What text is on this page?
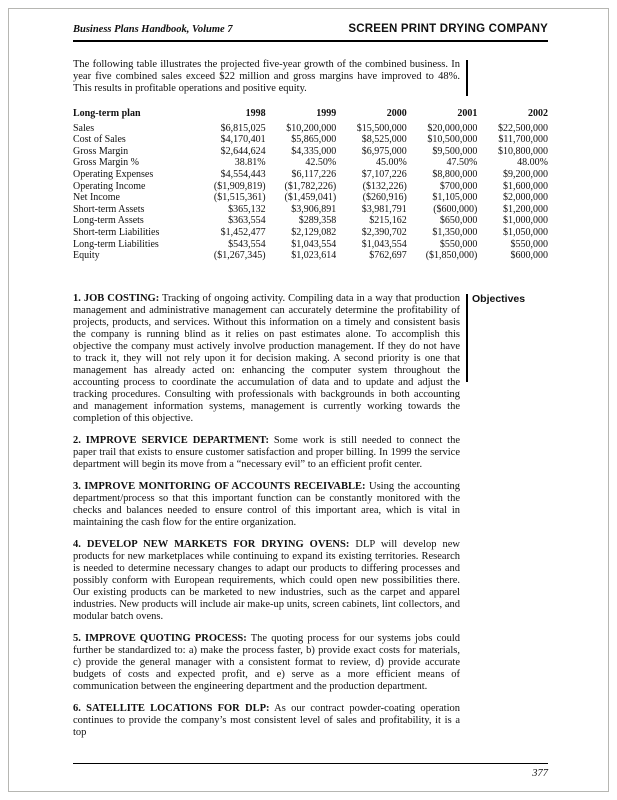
Business Plans Handbook, Volume 7	SCREEN PRINT DRYING COMPANY

The following table illustrates the projected five-year growth of the combined business. In year five combined sales exceed $22 million and gross margins have improved to 48%. This results in profitable operations and positive equity.

Long-term plan	1998	1999	2000	2001	2002
Sales	$6,815,025	$10,200,000	$15,500,000	$20,000,000	$22,500,000
Cost of Sales	$4,170,401	$5,865,000	$8,525,000	$10,500,000	$11,700,000
Gross Margin	$2,644,624	$4,335,000	$6,975,000	$9,500,000	$10,800,000
Gross Margin %	38.81%	42.50%	45.00%	47.50%	48.00%
Operating Expenses	$4,554,443	$6,117,226	$7,107,226	$8,800,000	$9,200,000
Operating Income	($1,909,819)	($1,782,226)	($132,226)	$700,000	$1,600,000
Net Income	($1,515,361)	($1,459,041)	($260,916)	$1,105,000	$2,000,000
Short-term Assets	$365,132	$3,906,891	$3,981,791	($600,000)	$1,200,000
Long-term Assets	$363,554	$289,358	$215,162	$650,000	$1,000,000
Short-term Liabilities	$1,452,477	$2,129,082	$2,390,702	$1,350,000	$1,050,000
Long-term Liabilities	$543,554	$1,043,554	$1,043,554	$550,000	$550,000
Equity	($1,267,345)	$1,023,614	$762,697	($1,850,000)	$600,000
Objectives

1. JOB COSTING: Tracking of ongoing activity. Compiling data in a way that production management and administrative management can accurately determine the profitability of projects, products, and services. Without this information on a timely and consistent basis the company is running blind as it relies on past estimates alone. To accomplish this objective the company must actively involve production management. If they do not have to track it, they will not rely upon it for decision making. A second priority is one that management has already acted on: enhancing the computer system throughout the accounting process to coordinate the accumulation of data and to update and adjust the tracking procedures. Consulting with professionals with backgrounds in both accounting and management information systems, management is currently working towards the completion of this objective.

2. IMPROVE SERVICE DEPARTMENT: Some work is still needed to connect the paper trail that exists to ensure customer satisfaction and proper billing. In 1999 the service department will begin its move from a “necessary evil” to an efficient profit center.

3. IMPROVE MONITORING OF ACCOUNTS RECEIVABLE: Using the accounting department/process so that this important function can be constantly monitored with the checks and balances needed to ensure control of this important area, which is vital in maintaining the cash flow for the entire organization.

4. DEVELOP NEW MARKETS FOR DRYING OVENS: DLP will develop new products for new marketplaces while continuing to expand its existing territories. Research is needed to determine necessary changes to adapt our products to differing processes and possibly conform with European requirements, which could open new possibilities there. Our existing products can be marketed to new industries, such as the carpet and apparel industries. New products will include air make-up units, screen cabinets, lint collectors, and modular batch ovens.

5. IMPROVE QUOTING PROCESS: The quoting process for our systems jobs could further be standardized to: a) make the process faster, b) provide exact costs for materials, c) provide the general manager with a consistent format to review, d) provide accurate budgets of costs and expected profit, and e) serve as a more efficient means of communication between the engineering department and the production department.

6. SATELLITE LOCATIONS FOR DLP: As our contract powder-coating operation continues to provide the company’s most consistent level of sales and profitability, it is a top

377
